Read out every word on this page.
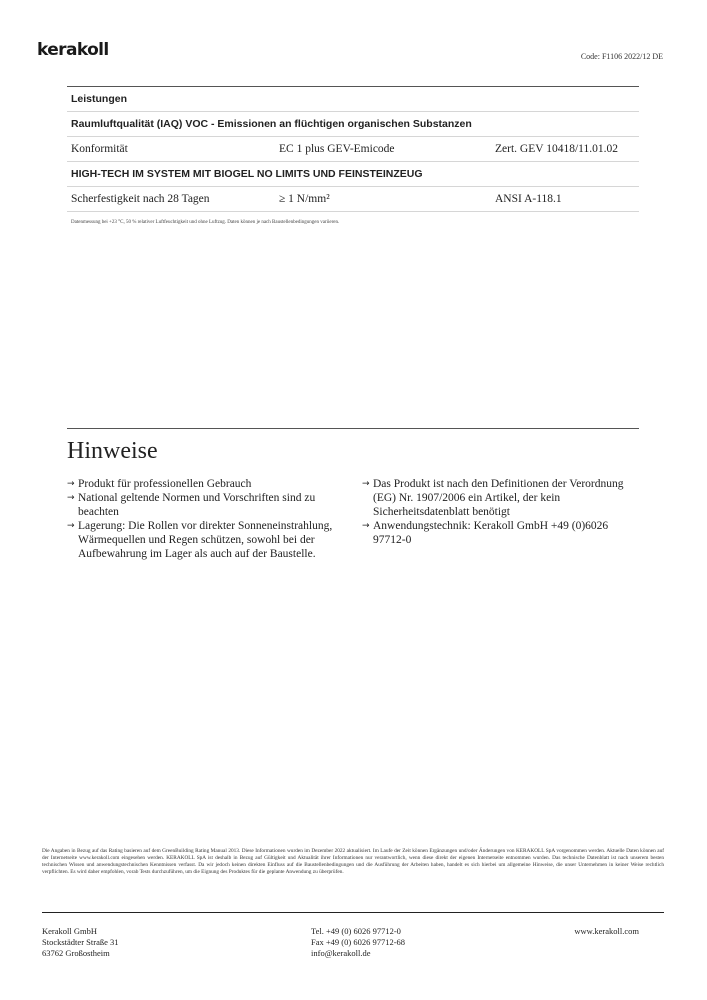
kerakoll	Code: F1106 2022/12 DE
Leistungen		
Raumluftqualität (IAQ) VOC - Emissionen an flüchtigen organischen Substanzen		
Konformität	EC 1 plus GEV-Emicode	Zert. GEV 10418/11.01.02
HIGH-TECH IM SYSTEM MIT BIOGEL NO LIMITS UND FEINSTEINZEUG		
Scherfestigkeit nach 28 Tagen	≥ 1 N/mm²	ANSI A-118.1
Datenmessung bei +23 °C, 50 % relativer Luftfeuchtigkeit und ohne Luftzug. Daten können je nach Baustellenbedingungen variieren.
Hinweise
→ Produkt für professionellen Gebrauch
→ National geltende Normen und Vorschriften sind zu beachten
→ Lagerung: Die Rollen vor direkter Sonneneinstrahlung, Wärmequellen und Regen schützen, sowohl bei der Aufbewahrung im Lager als auch auf der Baustelle.
→ Das Produkt ist nach den Definitionen der Verordnung (EG) Nr. 1907/2006 ein Artikel, der kein Sicherheitsdatenblatt benötigt
→ Anwendungstechnik: Kerakoll GmbH +49 (0)6026 97712-0
Die Angaben in Bezug auf das Rating basieren auf dem GreenBuilding Rating Manual 2013. Diese Informationen wurden im Dezember 2022 aktualisiert. Im Laufe der Zeit können Ergänzungen und/oder Änderungen von KERAKOLL SpA vorgenommen werden. Aktuelle Daten können auf der Internetseite www.kerakoll.com eingesehen werden. KERAKOLL SpA ist deshalb in Bezug auf Gültigkeit und Aktualität ihrer Informationen nur verantwortlich, wenn diese direkt der eigenen Internetseite entnommen wurden. Das technische Datenblatt ist nach unserem besten technischen Wissen und anwendungstechnischen Kenntnissen verfasst. Da wir jedoch keinen direkten Einfluss auf die Baustellenbedingungen und die Ausführung der Arbeiten haben, handelt es sich hierbei um allgemeine Hinweise, die unser Unternehmen in keiner Weise rechtlich verpflichten. Es wird daher empfohlen, vorab Tests durchzuführen, um die Eignung des Produktes für die geplante Anwendung zu überprüfen.
Kerakoll GmbH
Stockstädter Straße 31
63762 Großostheim
Tel. +49 (0) 6026 97712-0
Fax +49 (0) 6026 97712-68
info@kerakoll.de
www.kerakoll.com
